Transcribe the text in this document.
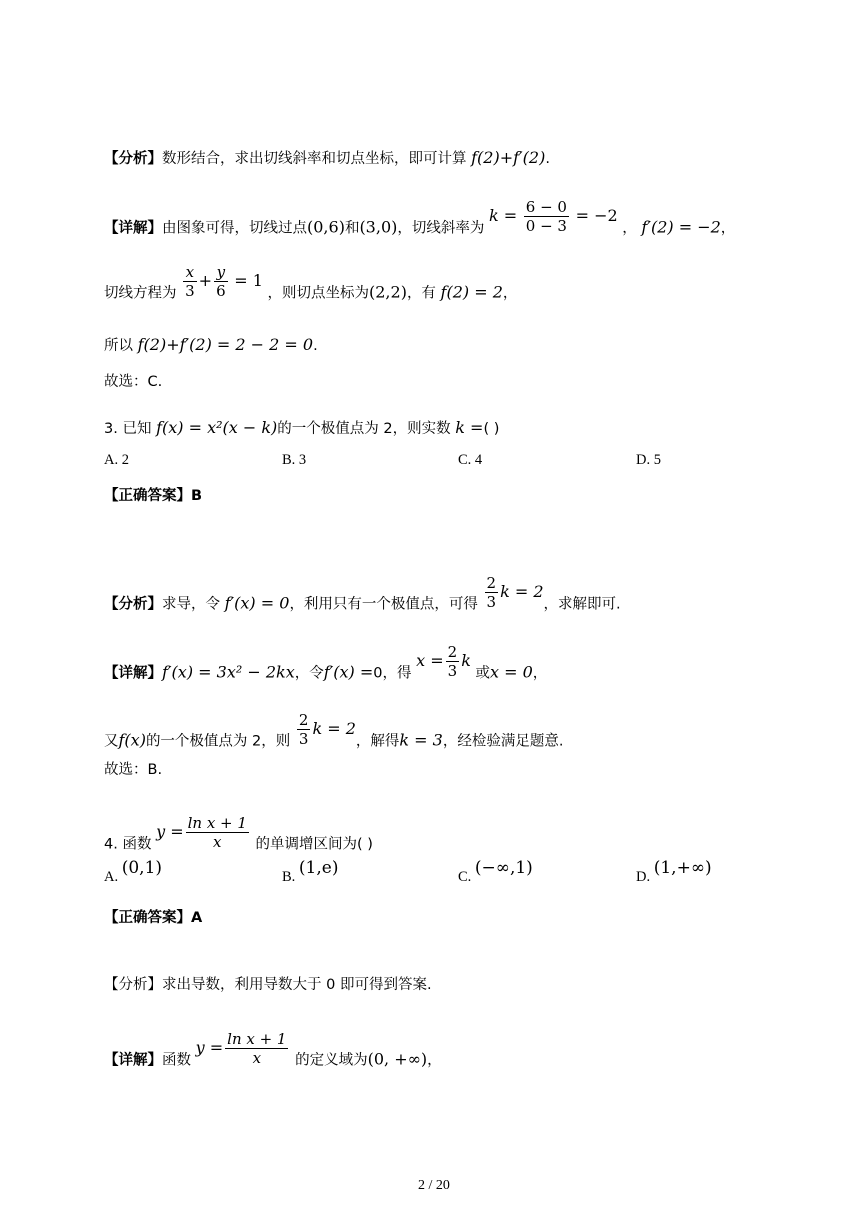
【分析】数形结合，求出切线斜率和切点坐标，即可计算 f(2)+f′(2).
【详解】由图象可得，切线过点(0,6)和(3,0)，切线斜率为 $k = \frac{6 - 0}{0 - 3} = -2$ ， f′(2) = −2，
切线方程为 $\frac{x}{3} + \frac{y}{6} = 1$ ，则切点坐标为(2,2)，有 f(2) = 2，
所以 f(2)+f′(2) = 2 − 2 = 0.
故选：C.
3. 已知 f(x) = x²(x − k)的一个极值点为 2，则实数 k =( )
A. 2	B. 3	C. 4	D. 5
【正确答案】B
【分析】求导，令 f′(x) = 0，利用只有一个极值点，可得 $\frac{2}{3}$ k = 2，求解即可.
【详解】f′(x) = 3x² − 2kx，令f′(x) =0，得 $x = \frac{2}{3}$ k 或x = 0，
又f(x)的一个极值点为 2，则 $\frac{2}{3}$ k = 2，解得k = 3，经检验满足题意.
故选：B.
4. 函数 $y = \frac{\text{ln x + 1}}{x}$ 的单调增区间为( )
A. (0,1)	B. (1,e)	C. (−∞,1)	D. (1,+∞)
【正确答案】A
【分析】求出导数，利用导数大于 0 即可得到答案.
【详解】函数 $y = \frac{\text{ln x + 1}}{x}$ 的定义域为(0, +∞)，
2 / 20
